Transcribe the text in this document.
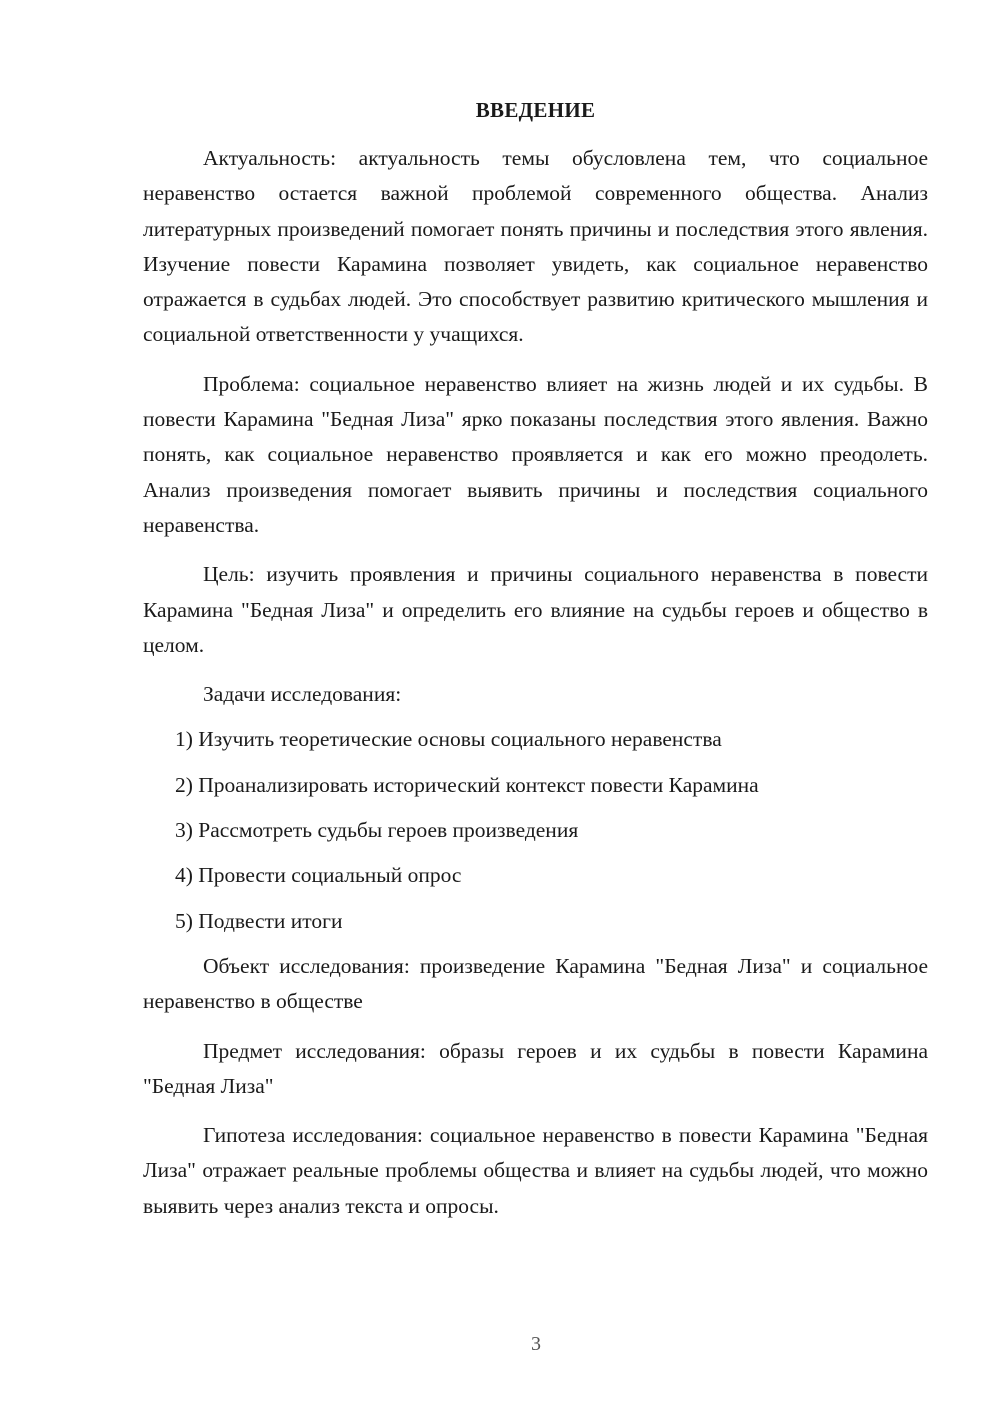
ВВЕДЕНИЕ

Актуальность: актуальность темы обусловлена тем, что социальное неравенство остается важной проблемой современного общества. Анализ литературных произведений помогает понять причины и последствия этого явления. Изучение повести Карамина позволяет увидеть, как социальное неравенство отражается в судьбах людей. Это способствует развитию критического мышления и социальной ответственности у учащихся.

Проблема: социальное неравенство влияет на жизнь людей и их судьбы. В повести Карамина "Бедная Лиза" ярко показаны последствия этого явления. Важно понять, как социальное неравенство проявляется и как его можно преодолеть. Анализ произведения помогает выявить причины и последствия социального неравенства.

Цель: изучить проявления и причины социального неравенства в повести Карамина "Бедная Лиза" и определить его влияние на судьбы героев и общество в целом.

Задачи исследования:
1) Изучить теоретические основы социального неравенства
2) Проанализировать исторический контекст повести Карамина
3) Рассмотреть судьбы героев произведения
4) Провести социальный опрос
5) Подвести итоги

Объект исследования: произведение Карамина "Бедная Лиза" и социальное неравенство в обществе

Предмет исследования: образы героев и их судьбы в повести Карамина "Бедная Лиза"

Гипотеза исследования: социальное неравенство в повести Карамина "Бедная Лиза" отражает реальные проблемы общества и влияет на судьбы людей, что можно выявить через анализ текста и опросы.

3
